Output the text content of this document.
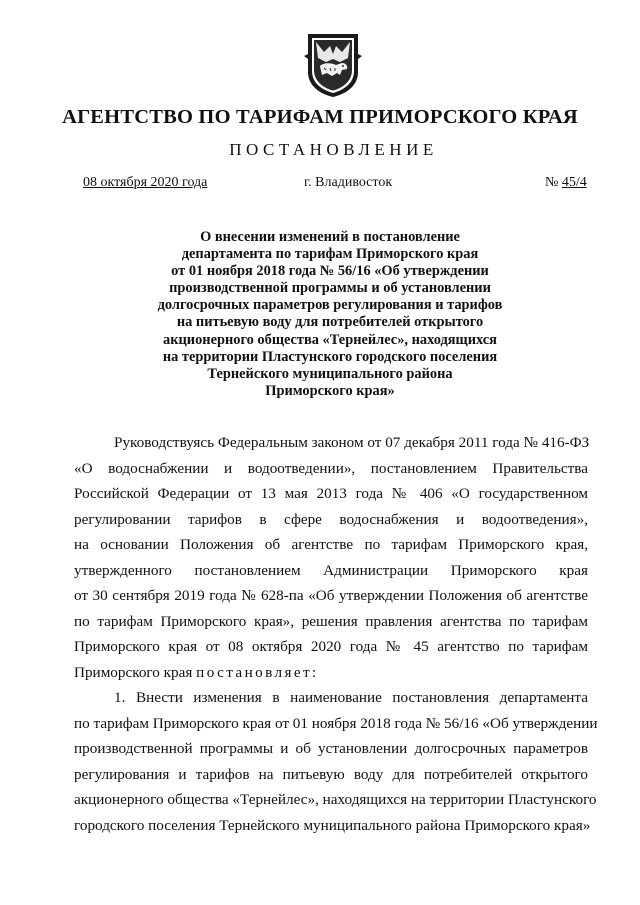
АГЕНТСТВО ПО ТАРИФАМ ПРИМОРСКОГО КРАЯ
ПОСТАНОВЛЕНИЕ
08 октября 2020 года	г. Владивосток	№ 45/4
О внесении изменений в постановление
департамента по тарифам Приморского края
от 01 ноября 2018 года № 56/16 «Об утверждении
производственной программы и об установлении
долгосрочных параметров регулирования и тарифов
на питьевую воду для потребителей открытого
акционерного общества «Тернейлес», находящихся
на территории Пластунского городского поселения
Тернейского муниципального района
Приморского края»
Руководствуясь Федеральным законом от 07 декабря 2011 года № 416-ФЗ
«О водоснабжении и водоотведении», постановлением Правительства
Российской Федерации от 13 мая 2013 года № 406 «О государственном
регулировании тарифов в сфере водоснабжения и водоотведения»,
на основании Положения об агентстве по тарифам Приморского края,
утвержденного постановлением Администрации Приморского края
от 30 сентября 2019 года № 628-па «Об утверждении Положения об агентстве
по тарифам Приморского края», решения правления агентства по тарифам
Приморского края от 08 октября 2020 года № 45 агентство по тарифам
Приморского края постановляет:
1. Внести изменения в наименование постановления департамента
по тарифам Приморского края от 01 ноября 2018 года № 56/16 «Об утверждении
производственной программы и об установлении долгосрочных параметров
регулирования и тарифов на питьевую воду для потребителей открытого
акционерного общества «Тернейлес», находящихся на территории Пластунского
городского поселения Тернейского муниципального района Приморского края»
